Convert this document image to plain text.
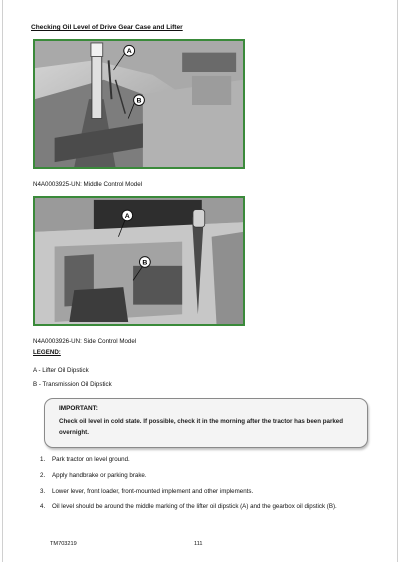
Checking Oil Level of Drive Gear Case and Lifter
A
B
N4A0003925-UN: Middle Control Model
A
B
N4A0003926-UN: Side Control Model
LEGEND:
A - Lifter Oil Dipstick
B - Transmission Oil Dipstick
IMPORTANT:
Check oil level in cold state. If possible, check it in the morning after the tractor has been parked overnight.
1. Park tractor on level ground.
2. Apply handbrake or parking brake.
3. Lower lever, front loader, front-mounted implement and other implements.
4. Oil level should be around the middle marking of the lifter oil dipstick (A) and the gearbox oil dipstick (B).
TM703219	111
